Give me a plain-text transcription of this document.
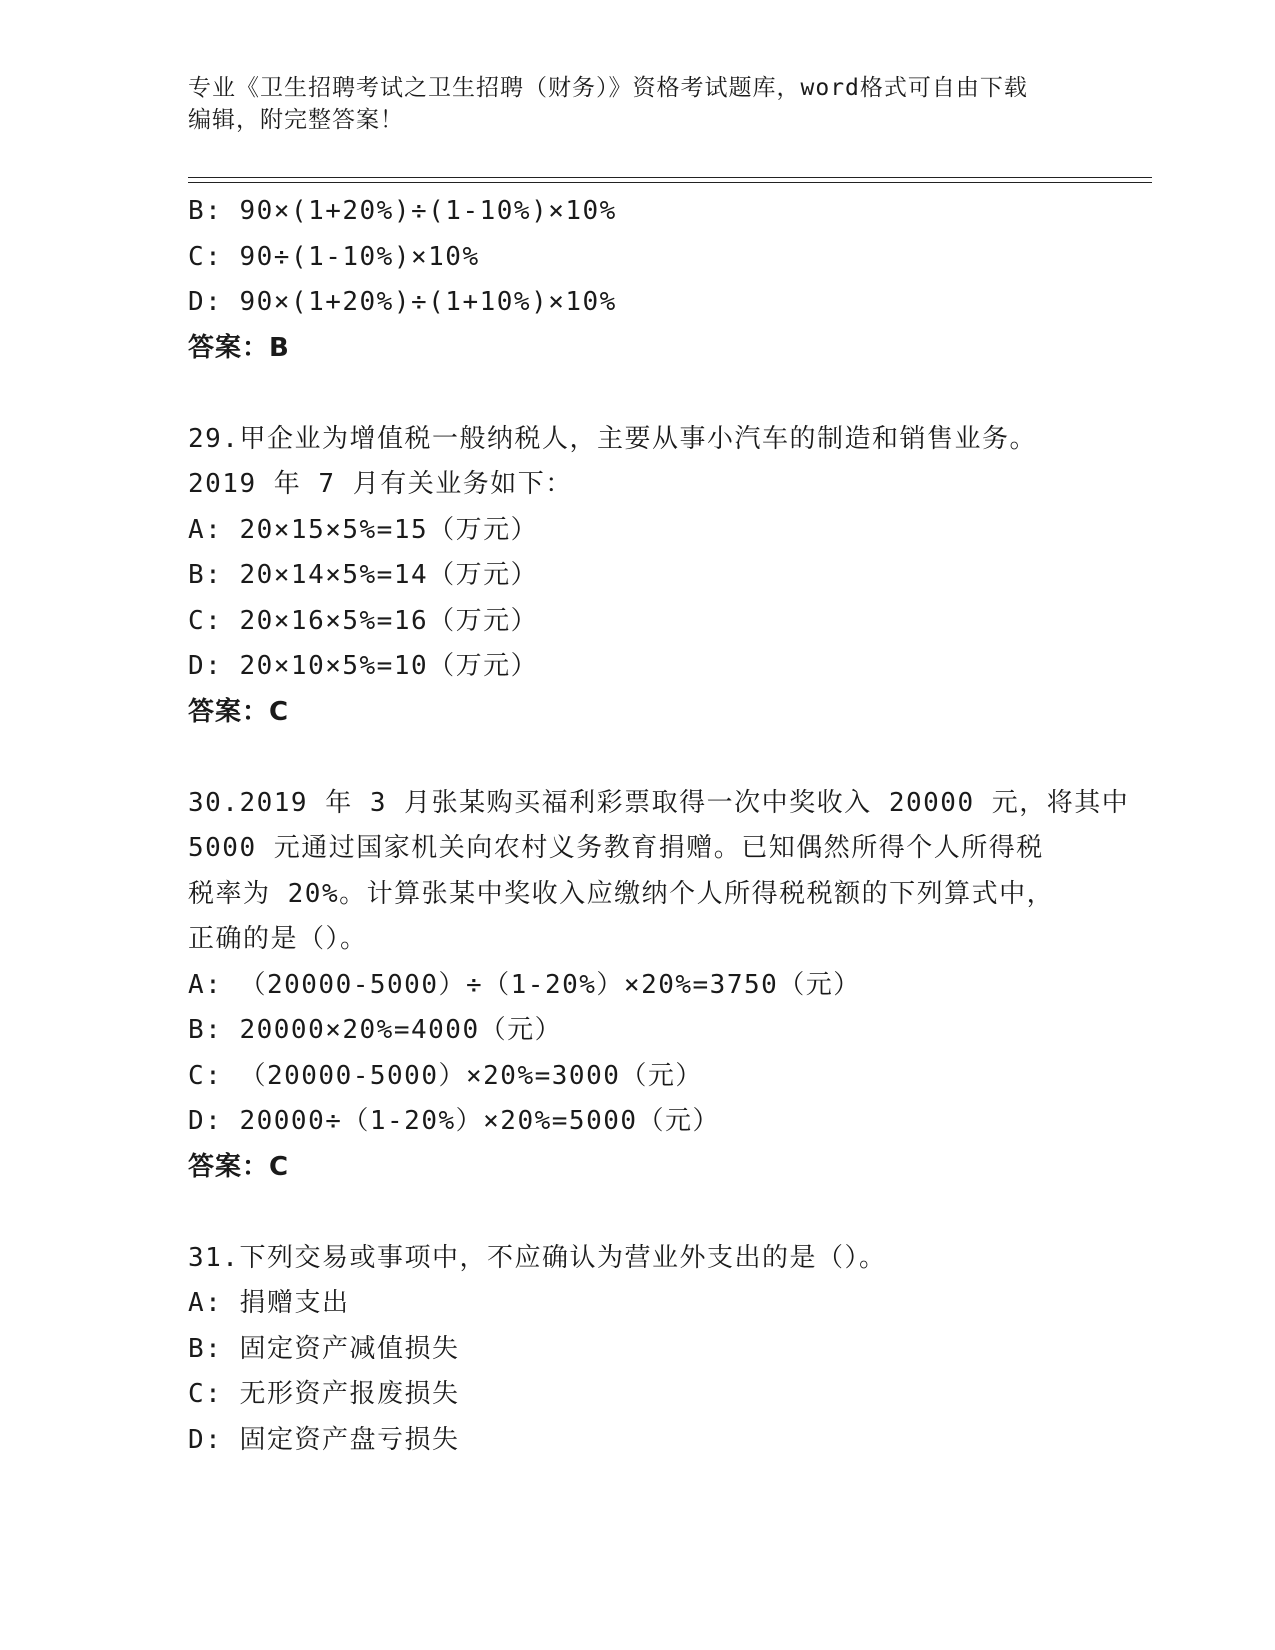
专业《卫生招聘考试之卫生招聘（财务）》资格考试题库，word格式可自由下载
编辑，附完整答案！
B: 90×(1+20%)÷(1-10%)×10%
C: 90÷(1-10%)×10%
D: 90×(1+20%)÷(1+10%)×10%
答案：B
29.甲企业为增值税一般纳税人，主要从事小汽车的制造和销售业务。
2019 年 7 月有关业务如下：
A: 20×15×5%=15（万元）
B: 20×14×5%=14（万元）
C: 20×16×5%=16（万元）
D: 20×10×5%=10（万元）
答案：C
30.2019 年 3 月张某购买福利彩票取得一次中奖收入 20000 元，将其中
5000 元通过国家机关向农村义务教育捐赠。已知偶然所得个人所得税
税率为 20%。计算张某中奖收入应缴纳个人所得税税额的下列算式中，
正确的是（）。
A: （20000-5000）÷（1-20%）×20%=3750（元）
B: 20000×20%=4000（元）
C: （20000-5000）×20%=3000（元）
D: 20000÷（1-20%）×20%=5000（元）
答案：C
31.下列交易或事项中，不应确认为营业外支出的是（）。
A: 捐赠支出
B: 固定资产减值损失
C: 无形资产报废损失
D: 固定资产盘亏损失
